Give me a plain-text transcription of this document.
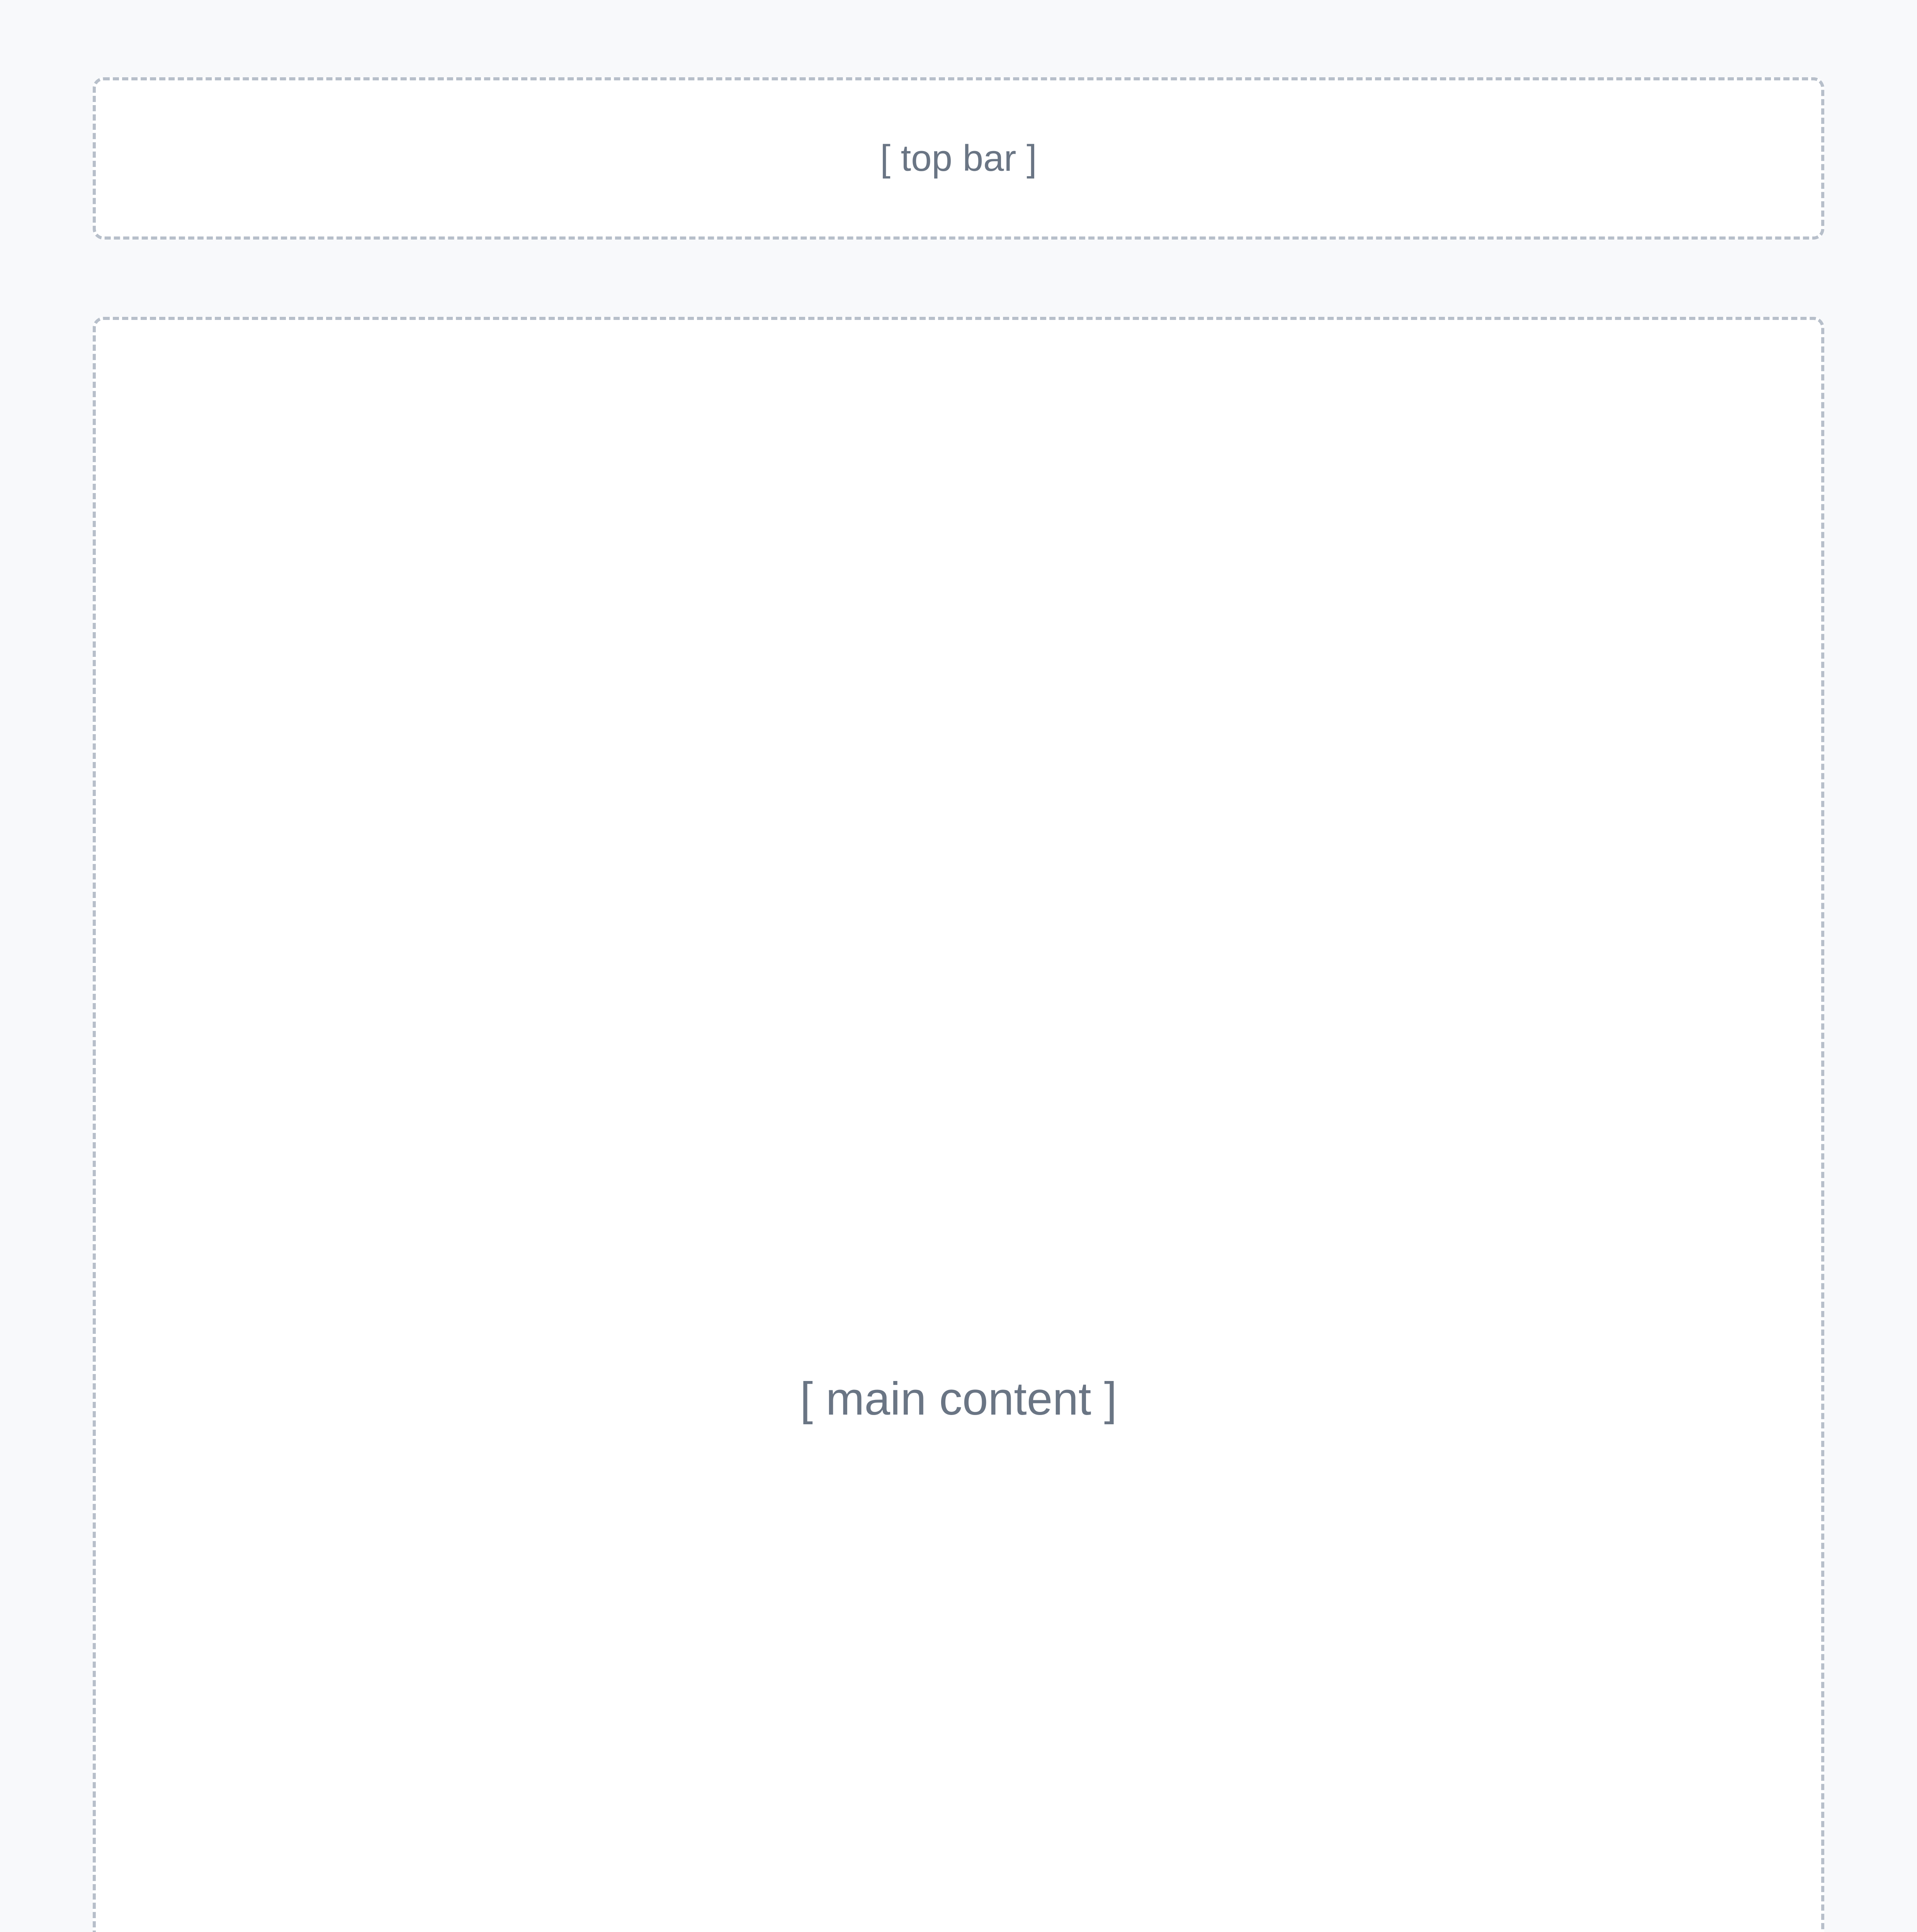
[ top bar ]
[ main content ]
